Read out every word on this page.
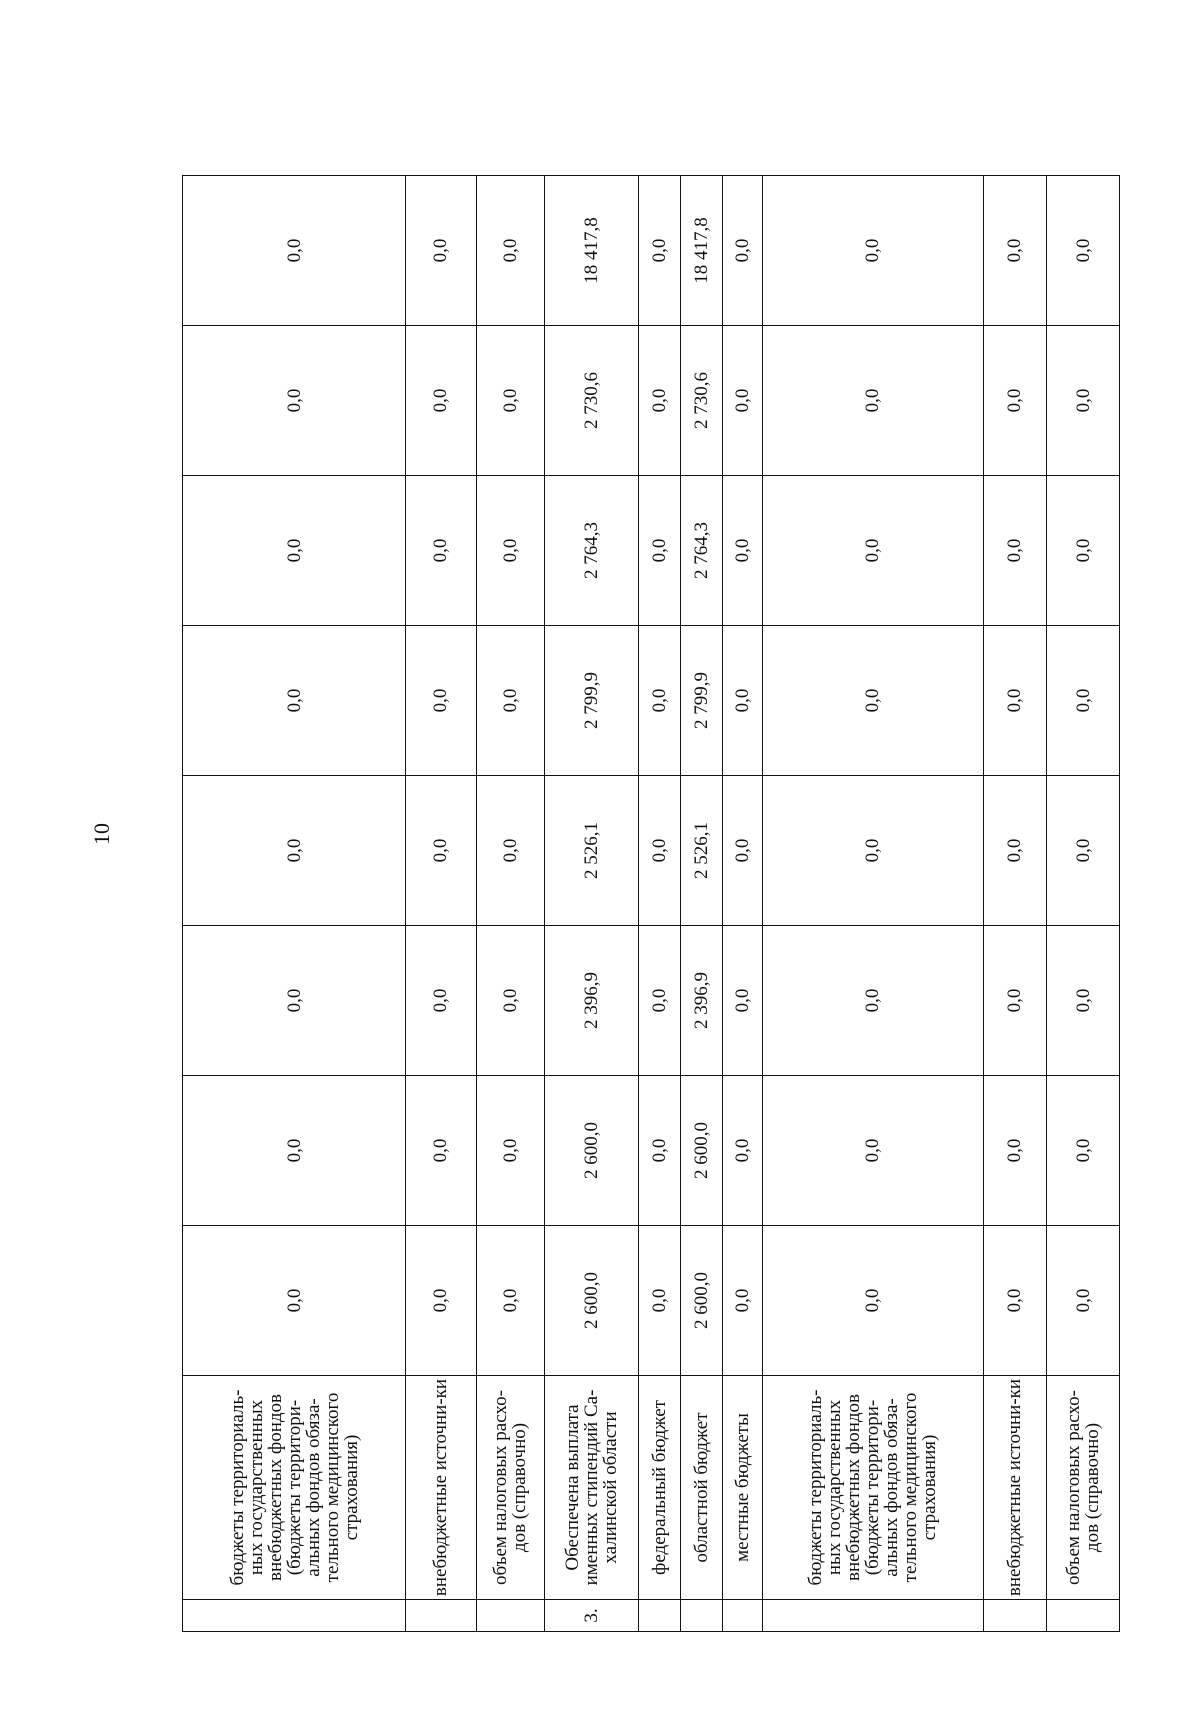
10
	бюджеты территориаль-ных государственных внебюджетных фондов (бюджеты территори-альных фондов обяза-тельного медицинского страхования)	0,0	0,0	0,0	0,0	0,0	0,0	0,0	0,0
	внебюджетные источни-ки	0,0	0,0	0,0	0,0	0,0	0,0	0,0	0,0
	объем налоговых расхо-дов (справочно)	0,0	0,0	0,0	0,0	0,0	0,0	0,0	0,0
3.	Обеспечена выплата именных стипендий Са-халинской области	2 600,0	2 600,0	2 396,9	2 526,1	2 799,9	2 764,3	2 730,6	18 417,8
	федеральный бюджет	0,0	0,0	0,0	0,0	0,0	0,0	0,0	0,0
	областной бюджет	2 600,0	2 600,0	2 396,9	2 526,1	2 799,9	2 764,3	2 730,6	18 417,8
	местные бюджеты	0,0	0,0	0,0	0,0	0,0	0,0	0,0	0,0
	бюджеты территориаль-ных государственных внебюджетных фондов (бюджеты территори-альных фондов обяза-тельного медицинского страхования)	0,0	0,0	0,0	0,0	0,0	0,0	0,0	0,0
	внебюджетные источни-ки	0,0	0,0	0,0	0,0	0,0	0,0	0,0	0,0
	объем налоговых расхо-дов (справочно)	0,0	0,0	0,0	0,0	0,0	0,0	0,0	0,0
